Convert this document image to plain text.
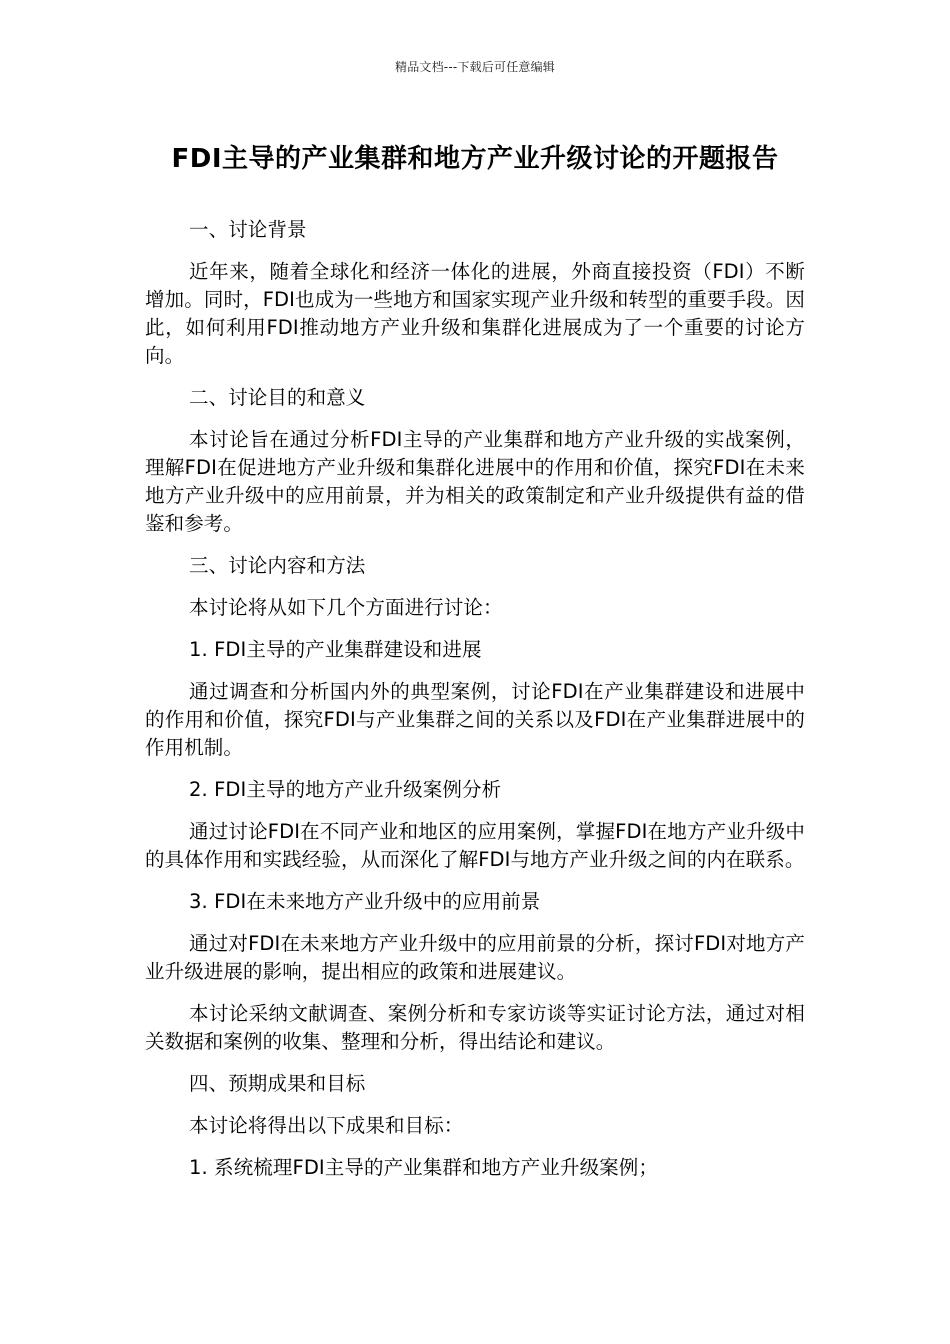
精品文档---下载后可任意编辑
FDI主导的产业集群和地方产业升级讨论的开题报告

一、讨论背景

近年来，随着全球化和经济一体化的进展，外商直接投资（FDI）不断增加。同时，FDI也成为一些地方和国家实现产业升级和转型的重要手段。因此，如何利用FDI推动地方产业升级和集群化进展成为了一个重要的讨论方向。

二、讨论目的和意义

本讨论旨在通过分析FDI主导的产业集群和地方产业升级的实战案例，理解FDI在促进地方产业升级和集群化进展中的作用和价值，探究FDI在未来地方产业升级中的应用前景，并为相关的政策制定和产业升级提供有益的借鉴和参考。

三、讨论内容和方法

本讨论将从如下几个方面进行讨论：

1. FDI主导的产业集群建设和进展

通过调查和分析国内外的典型案例，讨论FDI在产业集群建设和进展中的作用和价值，探究FDI与产业集群之间的关系以及FDI在产业集群进展中的作用机制。

2. FDI主导的地方产业升级案例分析

通过讨论FDI在不同产业和地区的应用案例，掌握FDI在地方产业升级中的具体作用和实践经验，从而深化了解FDI与地方产业升级之间的内在联系。

3. FDI在未来地方产业升级中的应用前景

通过对FDI在未来地方产业升级中的应用前景的分析，探讨FDI对地方产业升级进展的影响，提出相应的政策和进展建议。

本讨论采纳文献调查、案例分析和专家访谈等实证讨论方法，通过对相关数据和案例的收集、整理和分析，得出结论和建议。

四、预期成果和目标

本讨论将得出以下成果和目标：

1. 系统梳理FDI主导的产业集群和地方产业升级案例；
